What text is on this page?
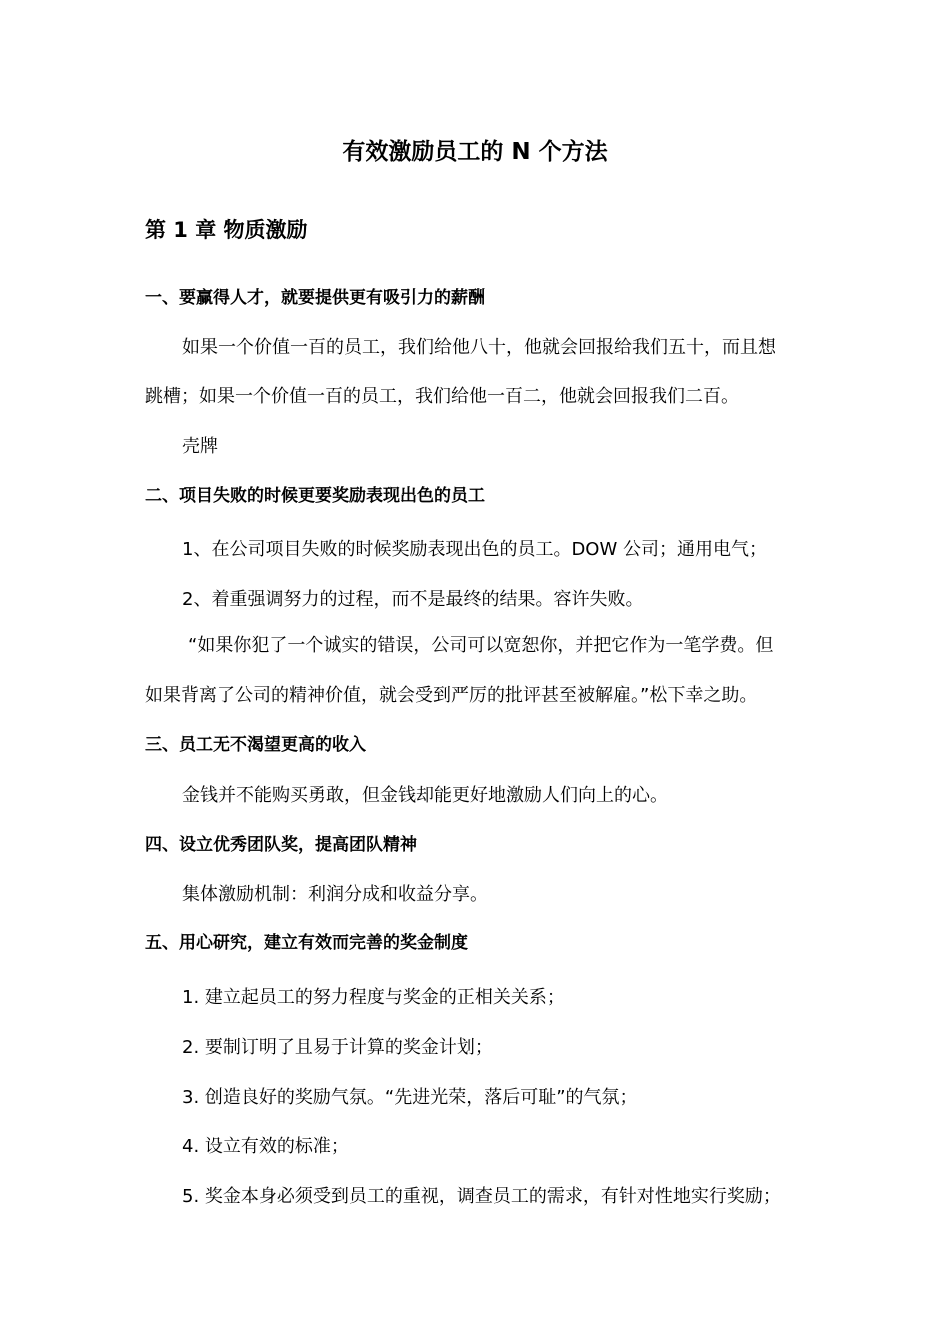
有效激励员工的 N 个方法
第 1 章 物质激励
一、要赢得人才，就要提供更有吸引力的薪酬
如果一个价值一百的员工，我们给他八十，他就会回报给我们五十，而且想
跳槽；如果一个价值一百的员工，我们给他一百二，他就会回报我们二百。
壳牌
二、项目失败的时候更要奖励表现出色的员工
1、在公司项目失败的时候奖励表现出色的员工。DOW 公司；通用电气；
2、着重强调努力的过程，而不是最终的结果。容许失败。
“如果你犯了一个诚实的错误，公司可以宽恕你，并把它作为一笔学费。但
如果背离了公司的精神价值，就会受到严厉的批评甚至被解雇。”松下幸之助。
三、员工无不渴望更高的收入
金钱并不能购买勇敢，但金钱却能更好地激励人们向上的心。
四、设立优秀团队奖，提高团队精神
集体激励机制：利润分成和收益分享。
五、用心研究，建立有效而完善的奖金制度
1. 建立起员工的努力程度与奖金的正相关关系；
2. 要制订明了且易于计算的奖金计划；
3. 创造良好的奖励气氛。“先进光荣，落后可耻”的气氛；
4. 设立有效的标准；
5. 奖金本身必须受到员工的重视，调查员工的需求，有针对性地实行奖励；
